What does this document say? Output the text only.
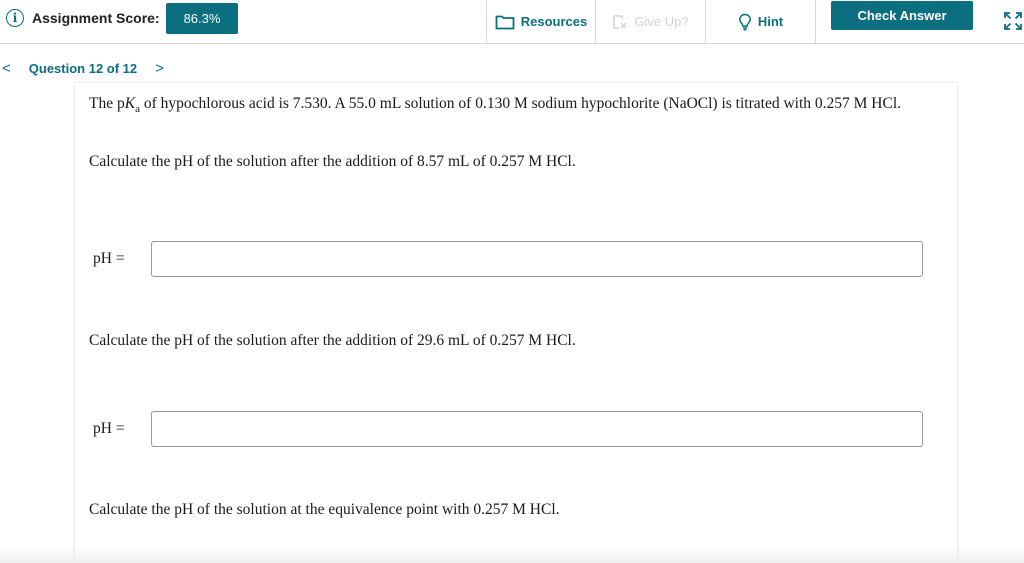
i	Assignment Score:	86.3%	Resources	Give Up?	Hint	Check Answer
< Question 12 of 12 >
The $pK_a$ of hypochlorous acid is 7.530. A 55.0 mL solution of 0.130 M sodium hypochlorite (NaOCl) is titrated with 0.257 M HCl.
Calculate the pH of the solution after the addition of 8.57 mL of 0.257 M HCl.
pH =
Calculate the pH of the solution after the addition of 29.6 mL of 0.257 M HCl.
pH =
Calculate the pH of the solution at the equivalence point with 0.257 M HCl.
